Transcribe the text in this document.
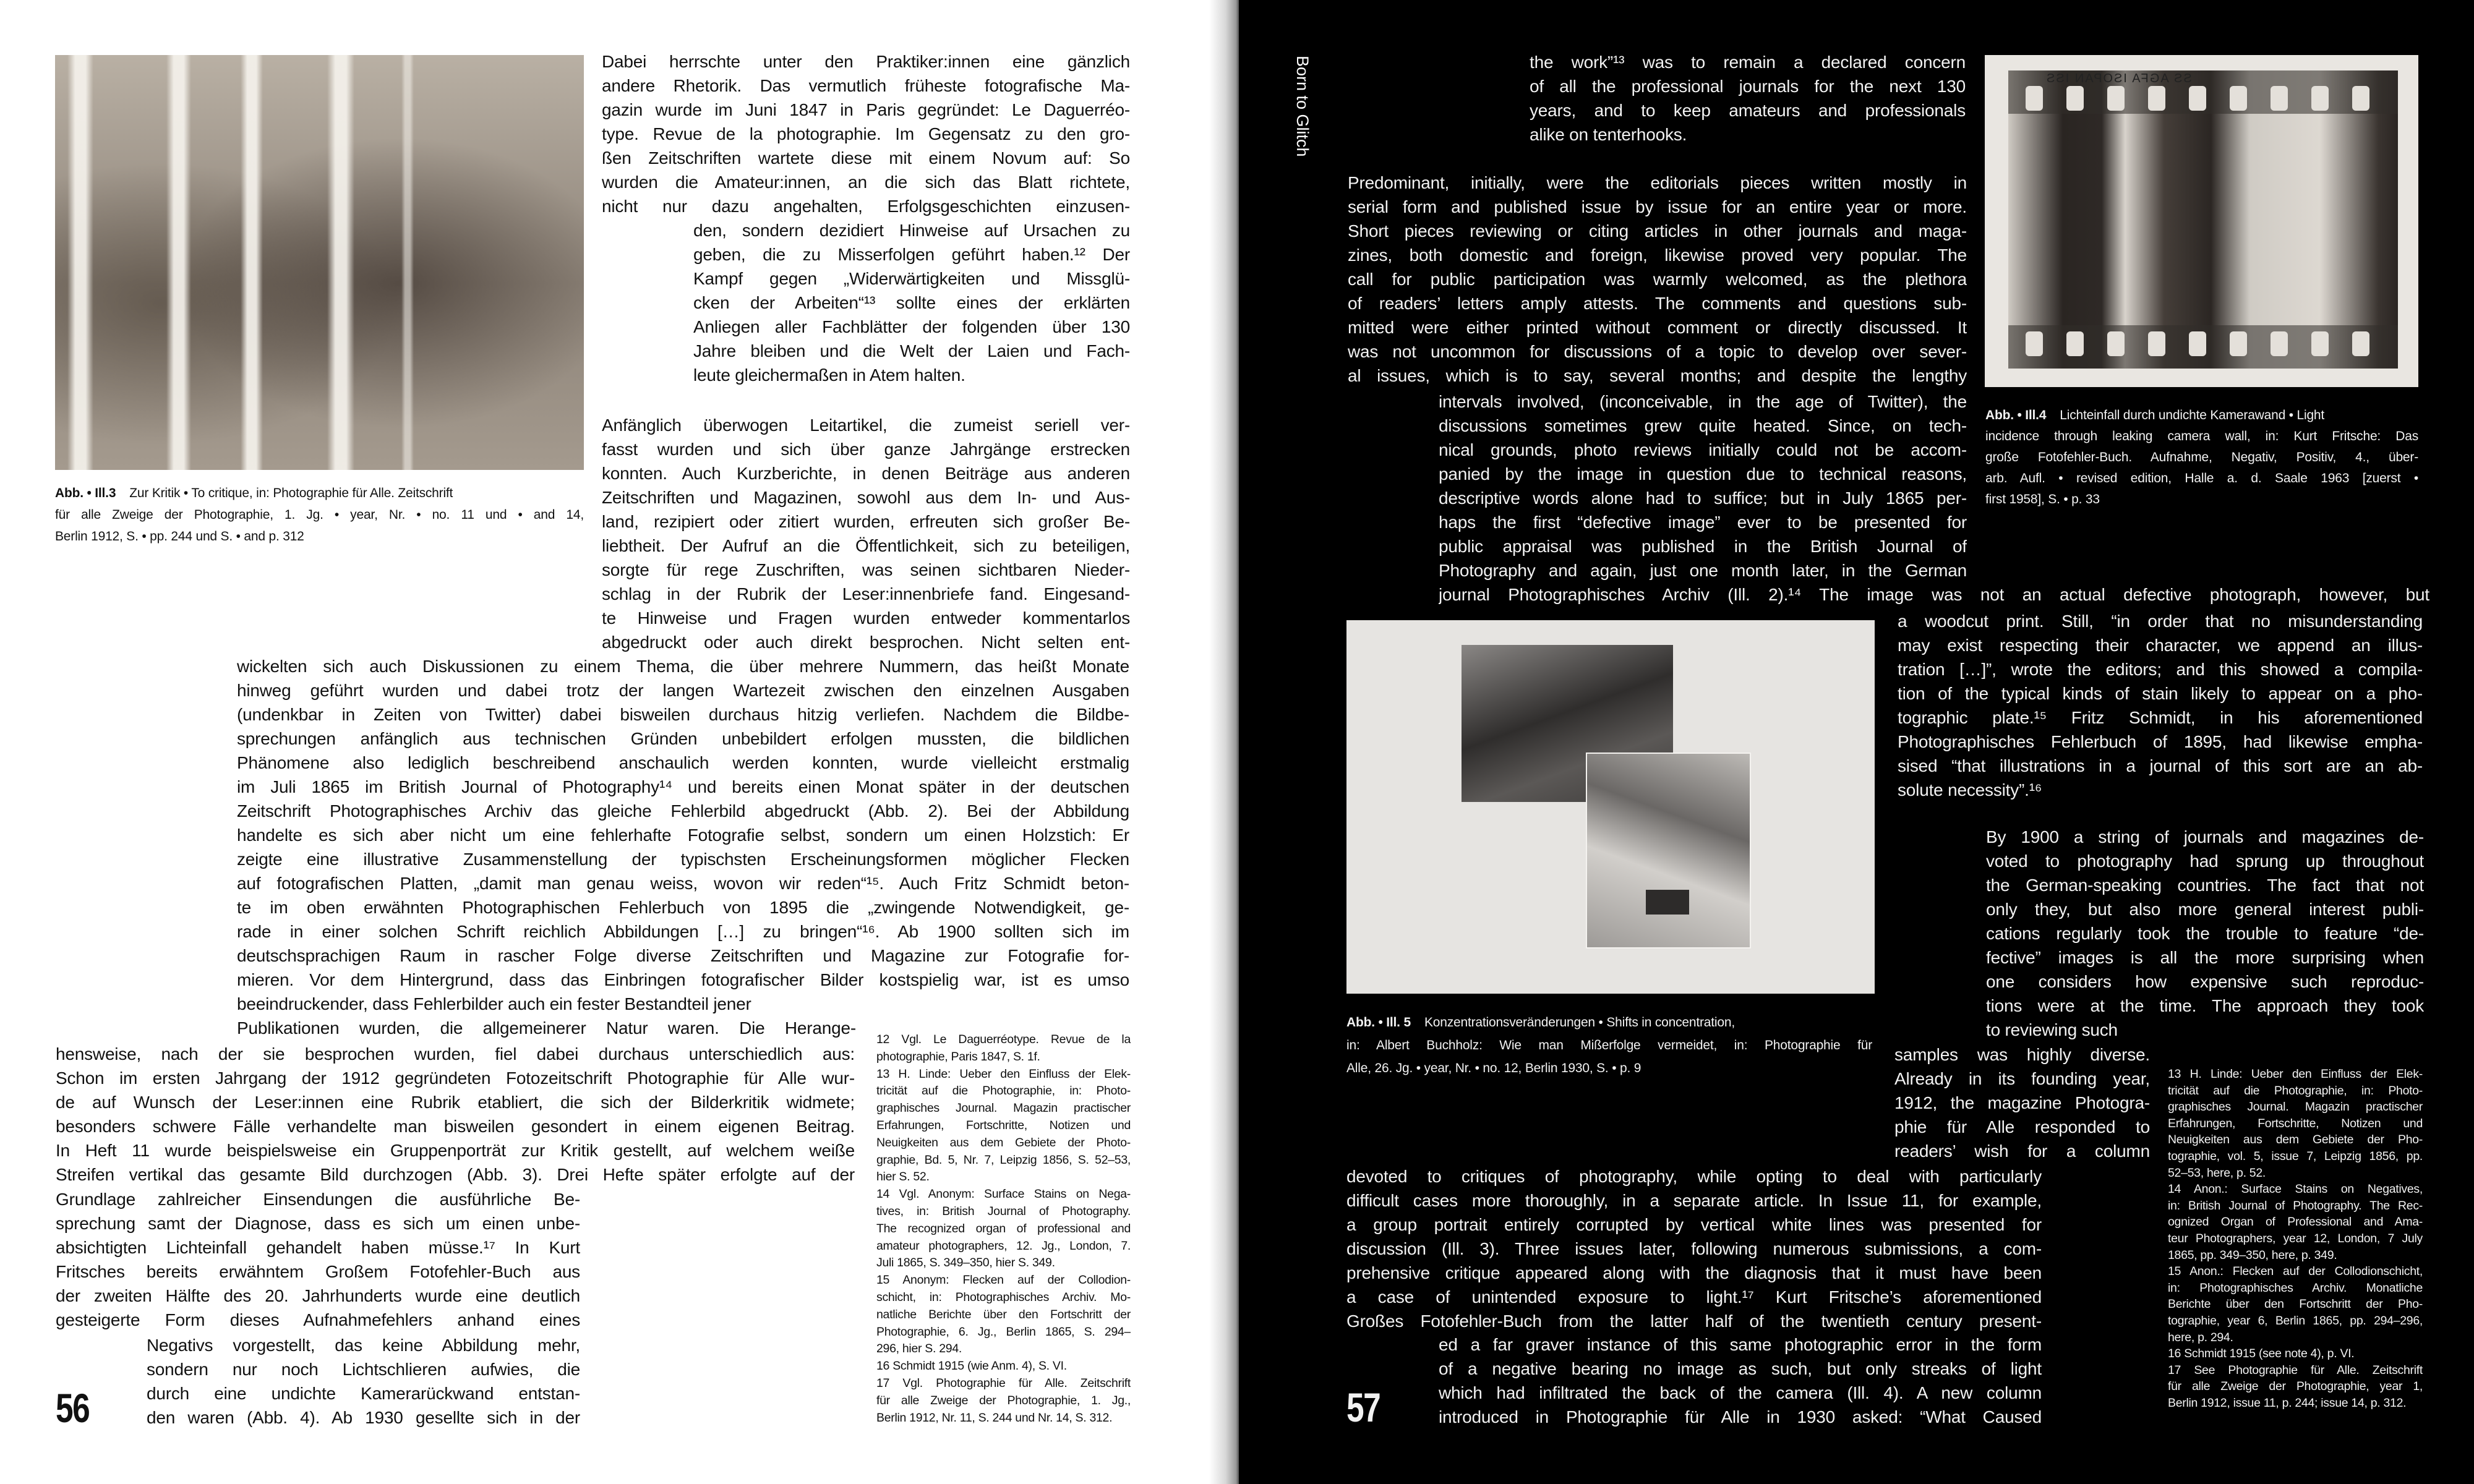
Abb. • Ill.3 Zur Kritik • To critique, in: Photographie für Alle. Zeitschrift
für alle Zweige der Photographie, 1. Jg. • year, Nr. • no. 11 und • and 14,
Berlin 1912, S. • pp. 244 und S. • and p. 312
Dabei herrschte unter den Praktiker:innen eine gänzlich
andere Rhetorik. Das vermutlich früheste fotografische Ma-
gazin wurde im Juni 1847 in Paris gegründet: Le Daguerréo-
type. Revue de la photographie. Im Gegensatz zu den gro-
ßen Zeitschriften wartete diese mit einem Novum auf: So
wurden die Amateur:innen, an die sich das Blatt richtete,
nicht nur dazu angehalten, Erfolgsgeschichten einzusen-
den, sondern dezidiert Hinweise auf Ursachen zu
geben, die zu Misserfolgen geführt haben.¹² Der
Kampf gegen „Widerwärtigkeiten und Missglü-
cken der Arbeiten“¹³ sollte eines der erklärten
Anliegen aller Fachblätter der folgenden über 130
Jahre bleiben und die Welt der Laien und Fach-
leute gleichermaßen in Atem halten.
Anfänglich überwogen Leitartikel, die zumeist seriell ver-
fasst wurden und sich über ganze Jahrgänge erstrecken
konnten. Auch Kurzberichte, in denen Beiträge aus anderen
Zeitschriften und Magazinen, sowohl aus dem In- und Aus-
land, rezipiert oder zitiert wurden, erfreuten sich großer Be-
liebtheit. Der Aufruf an die Öffentlichkeit, sich zu beteiligen,
sorgte für rege Zuschriften, was seinen sichtbaren Nieder-
schlag in der Rubrik der Leser:innenbriefe fand. Eingesand-
te Hinweise und Fragen wurden entweder kommentarlos
abgedruckt oder auch direkt besprochen. Nicht selten ent-
wickelten sich auch Diskussionen zu einem Thema, die über mehrere Nummern, das heißt Monate
hinweg geführt wurden und dabei trotz der langen Wartezeit zwischen den einzelnen Ausgaben
(undenkbar in Zeiten von Twitter) dabei bisweilen durchaus hitzig verliefen. Nachdem die Bildbe-
sprechungen anfänglich aus technischen Gründen unbebildert erfolgen mussten, die bildlichen
Phänomene also lediglich beschreibend anschaulich werden konnten, wurde vielleicht erstmalig
im Juli 1865 im British Journal of Photography¹⁴ und bereits einen Monat später in der deutschen
Zeitschrift Photographisches Archiv das gleiche Fehlerbild abgedruckt (Abb. 2). Bei der Abbildung
handelte es sich aber nicht um eine fehlerhafte Fotografie selbst, sondern um einen Holzstich: Er
zeigte eine illustrative Zusammenstellung der typischsten Erscheinungsformen möglicher Flecken
auf fotografischen Platten, „damit man genau weiss, wovon wir reden“¹⁵. Auch Fritz Schmidt beton-
te im oben erwähnten Photographischen Fehlerbuch von 1895 die „zwingende Notwendigkeit, ge-
rade in einer solchen Schrift reichlich Abbildungen […] zu bringen“¹⁶. Ab 1900 sollten sich im
deutschsprachigen Raum in rascher Folge diverse Zeitschriften und Magazine zur Fotografie for-
mieren. Vor dem Hintergrund, dass das Einbringen fotografischer Bilder kostspielig war, ist es umso
beeindruckender, dass Fehlerbilder auch ein fester Bestandteil jener
Publikationen wurden, die allgemeinerer Natur waren. Die Herange-
hensweise, nach der sie besprochen wurden, fiel dabei durchaus unterschiedlich aus:
Schon im ersten Jahrgang der 1912 gegründeten Fotozeitschrift Photographie für Alle wur-
de auf Wunsch der Leser:innen eine Rubrik etabliert, die sich der Bilderkritik widmete;
besonders schwere Fälle verhandelte man bisweilen gesondert in einem eigenen Beitrag.
In Heft 11 wurde beispielsweise ein Gruppenporträt zur Kritik gestellt, auf welchem weiße
Streifen vertikal das gesamte Bild durchzogen (Abb. 3). Drei Hefte später erfolgte auf der
Grundlage zahlreicher Einsendungen die ausführliche Be-
sprechung samt der Diagnose, dass es sich um einen unbe-
absichtigten Lichteinfall gehandelt haben müsse.¹⁷ In Kurt
Fritsches bereits erwähntem Großem Fotofehler-Buch aus
der zweiten Hälfte des 20. Jahrhunderts wurde eine deutlich
gesteigerte Form dieses Aufnahmefehlers anhand eines
Negativs vorgestellt, das keine Abbildung mehr,
sondern nur noch Lichtschlieren aufwies, die
durch eine undichte Kamerarückwand entstan-
den waren (Abb. 4). Ab 1930 gesellte sich in der
12 Vgl. Le Daguerréotype. Revue de la
photographie, Paris 1847, S. 1f.
13 H. Linde: Ueber den Einfluss der Elek-
tricität auf die Photographie, in: Photo-
graphisches Journal. Magazin practischer
Erfahrungen, Fortschritte, Notizen und
Neuigkeiten aus dem Gebiete der Photo-
graphie, Bd. 5, Nr. 7, Leipzig 1856, S. 52–53,
hier S. 52.
14 Vgl. Anonym: Surface Stains on Nega-
tives, in: British Journal of Photography.
The recognized organ of professional and
amateur photographers, 12. Jg., London, 7.
Juli 1865, S. 349–350, hier S. 349.
15 Anonym: Flecken auf der Collodion-
schicht, in: Photographisches Archiv. Mo-
natliche Berichte über den Fortschritt der
Photographie, 6. Jg., Berlin 1865, S. 294–
296, hier S. 294.
16 Schmidt 1915 (wie Anm. 4), S. VI.
17 Vgl. Photographie für Alle. Zeitschrift
für alle Zweige der Photographie, 1. Jg.,
Berlin 1912, Nr. 11, S. 244 und Nr. 14, S. 312.
56
Born to Glitch	SS AGFA ISOPAN ISS
Abb. • Ill.4 Lichteinfall durch undichte Kamerawand • Light
incidence through leaking camera wall, in: Kurt Fritsche: Das
große Fotofehler-Buch. Aufnahme, Negativ, Positiv, 4., über-
arb. Aufl. • revised edition, Halle a. d. Saale 1963 [zuerst •
first 1958], S. • p. 33
Abb. • Ill. 5 Konzentrationsveränderungen • Shifts in concentration,
in: Albert Buchholz: Wie man Mißerfolge vermeidet, in: Photographie für
Alle, 26. Jg. • year, Nr. • no. 12, Berlin 1930, S. • p. 9
the work”¹³ was to remain a declared concern
of all the professional journals for the next 130
years, and to keep amateurs and professionals
alike on tenterhooks.
Predominant, initially, were the editorials pieces written mostly in
serial form and published issue by issue for an entire year or more.
Short pieces reviewing or citing articles in other journals and maga-
zines, both domestic and foreign, likewise proved very popular. The
call for public participation was warmly welcomed, as the plethora
of readers’ letters amply attests. The comments and questions sub-
mitted were either printed without comment or directly discussed. It
was not uncommon for discussions of a topic to develop over sever-
al issues, which is to say, several months; and despite the lengthy
intervals involved, (inconceivable, in the age of Twitter), the
discussions sometimes grew quite heated. Since, on tech-
nical grounds, photo reviews initially could not be accom-
panied by the image in question due to technical reasons,
descriptive words alone had to suffice; but in July 1865 per-
haps the first “defective image” ever to be presented for
public appraisal was published in the British Journal of
Photography and again, just one month later, in the German
journal Photographisches Archiv (Ill. 2).¹⁴ The image was not an actual defective photograph, however, but
a woodcut print. Still, “in order that no misunderstanding
may exist respecting their character, we append an illus-
tration […]”, wrote the editors; and this showed a compila-
tion of the typical kinds of stain likely to appear on a pho-
tographic plate.¹⁵ Fritz Schmidt, in his aforementioned
Photographisches Fehlerbuch of 1895, had likewise empha-
sised “that illustrations in a journal of this sort are an ab-
solute necessity”.¹⁶
By 1900 a string of journals and magazines de-
voted to photography had sprung up throughout
the German-speaking countries. The fact that not
only they, but also more general interest publi-
cations regularly took the trouble to feature “de-
fective” images is all the more surprising when
one considers how expensive such reproduc-
tions were at the time. The approach they took
to reviewing such
samples was highly diverse.
Already in its founding year,
1912, the magazine Photogra-
phie für Alle responded to
readers’ wish for a column
devoted to critiques of photography, while opting to deal with particularly
difficult cases more thoroughly, in a separate article. In Issue 11, for example,
a group portrait entirely corrupted by vertical white lines was presented for
discussion (Ill. 3). Three issues later, following numerous submissions, a com-
prehensive critique appeared along with the diagnosis that it must have been
a case of unintended exposure to light.¹⁷ Kurt Fritsche’s aforementioned
Großes Fotofehler-Buch from the latter half of the twentieth century present-
ed a far graver instance of this same photographic error in the form
of a negative bearing no image as such, but only streaks of light
which had infiltrated the back of the camera (Ill. 4). A new column
introduced in Photographie für Alle in 1930 asked: “What Caused
13 H. Linde: Ueber den Einfluss der Elek-
tricität auf die Photographie, in: Photo-
graphisches Journal. Magazin practischer
Erfahrungen, Fortschritte, Notizen und
Neuigkeiten aus dem Gebiete der Pho-
tographie, vol. 5, issue 7, Leipzig 1856, pp.
52–53, here, p. 52.
14 Anon.: Surface Stains on Negatives,
in: British Journal of Photography. The Rec-
ognized Organ of Professional and Ama-
teur Photographers, year 12, London, 7 July
1865, pp. 349–350, here, p. 349.
15 Anon.: Flecken auf der Collodionschicht,
in: Photographisches Archiv. Monatliche
Berichte über den Fortschritt der Pho-
tographie, year 6, Berlin 1865, pp. 294–296,
here, p. 294.
16 Schmidt 1915 (see note 4), p. VI.
17 See Photographie für Alle. Zeitschrift
für alle Zweige der Photographie, year 1,
Berlin 1912, issue 11, p. 244; issue 14, p. 312.
57
